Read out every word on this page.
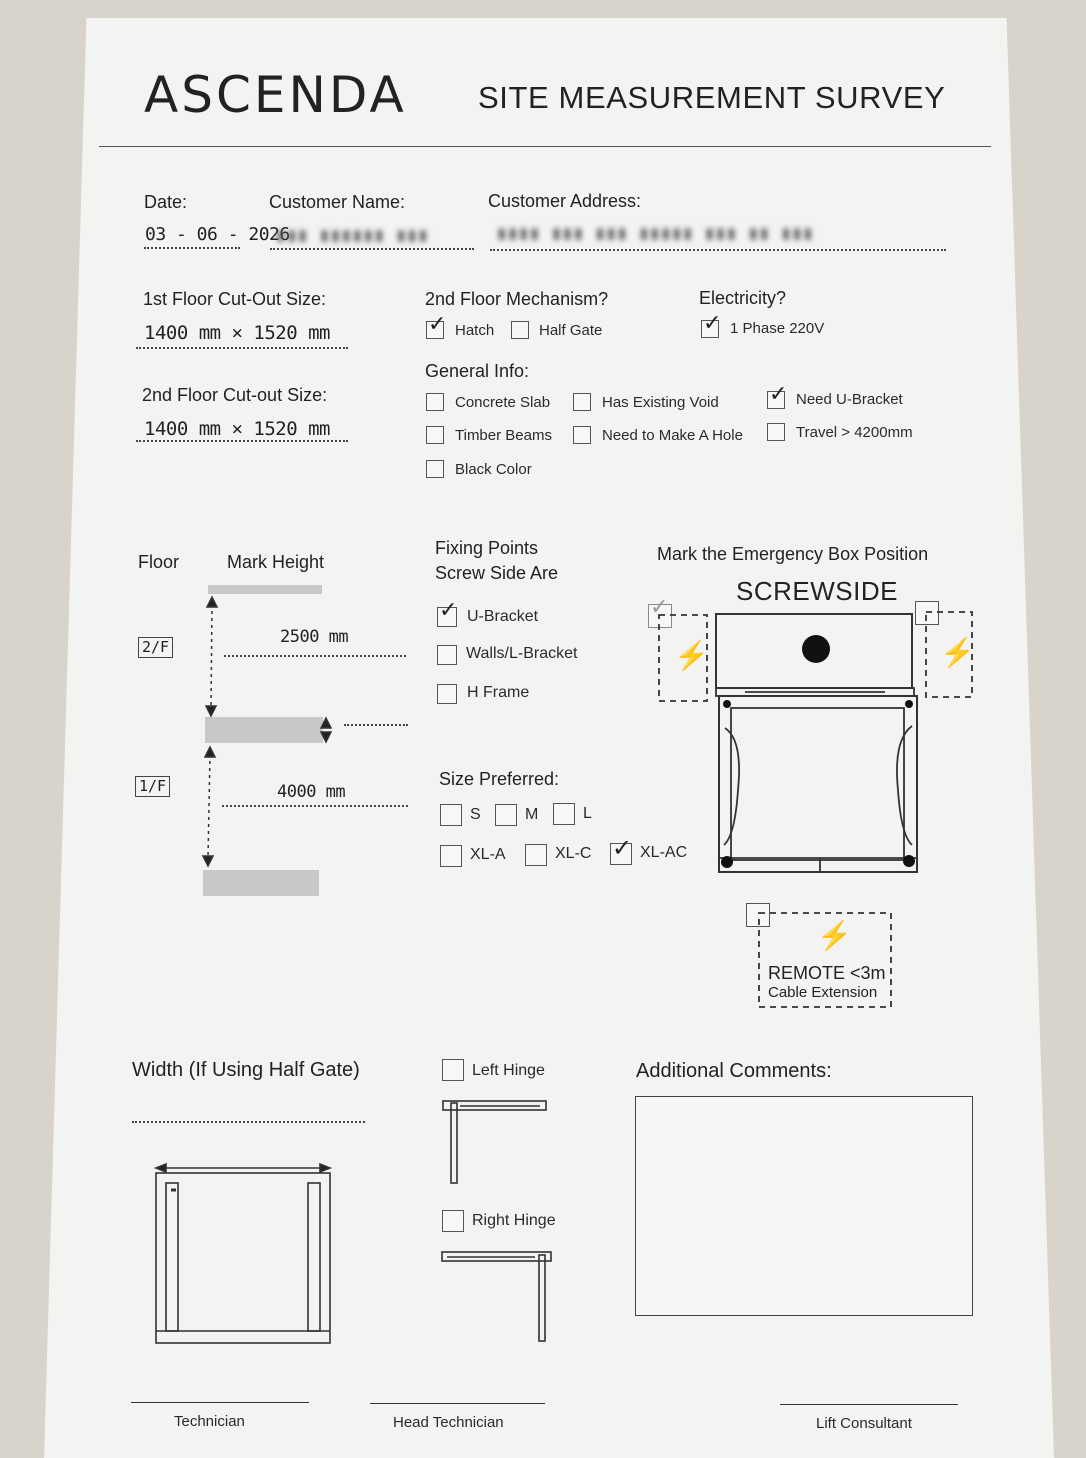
ASCENDA SITE MEASUREMENT SURVEY
Date:
03 - 06 - 2026
Customer Name:
▮▮▮ ▮▮▮▮▮▮ ▮▮▮
Customer Address:
▮▮▮▮ ▮▮▮ ▮▮▮ ▮▮▮▮▮ ▮▮▮ ▮▮ ▮▮▮
1st Floor Cut-Out Size:
1400 mm × 1520 mm
2nd Floor Cut-out Size:
1400 mm × 1520 mm
2nd Floor Mechanism?
✓ Hatch	Half Gate
Electricity?
✓ 1 Phase 220V
General Info:
Concrete Slab	Has Existing Void ✓ Need U-Bracket
Timber Beams	Need to Make A Hole	Travel > 4200mm
Black Color
Floor	Mark Height
2/F	2500 mm
1/F	4000 mm
Fixing Points
Screw Side Are
✓ U-Bracket
Walls/L-Bracket
H Frame
Size Preferred:
S	M	L
XL-A	XL-C ✓ XL-AC
Mark the Emergency Box Position
SCREWSIDE
✓
⚡	⚡
⚡
REMOTE <3m
Cable Extension
Width (If Using Half Gate)	Left Hinge
Right Hinge
Additional Comments:
Technician	Head Technician	Lift Consultant
